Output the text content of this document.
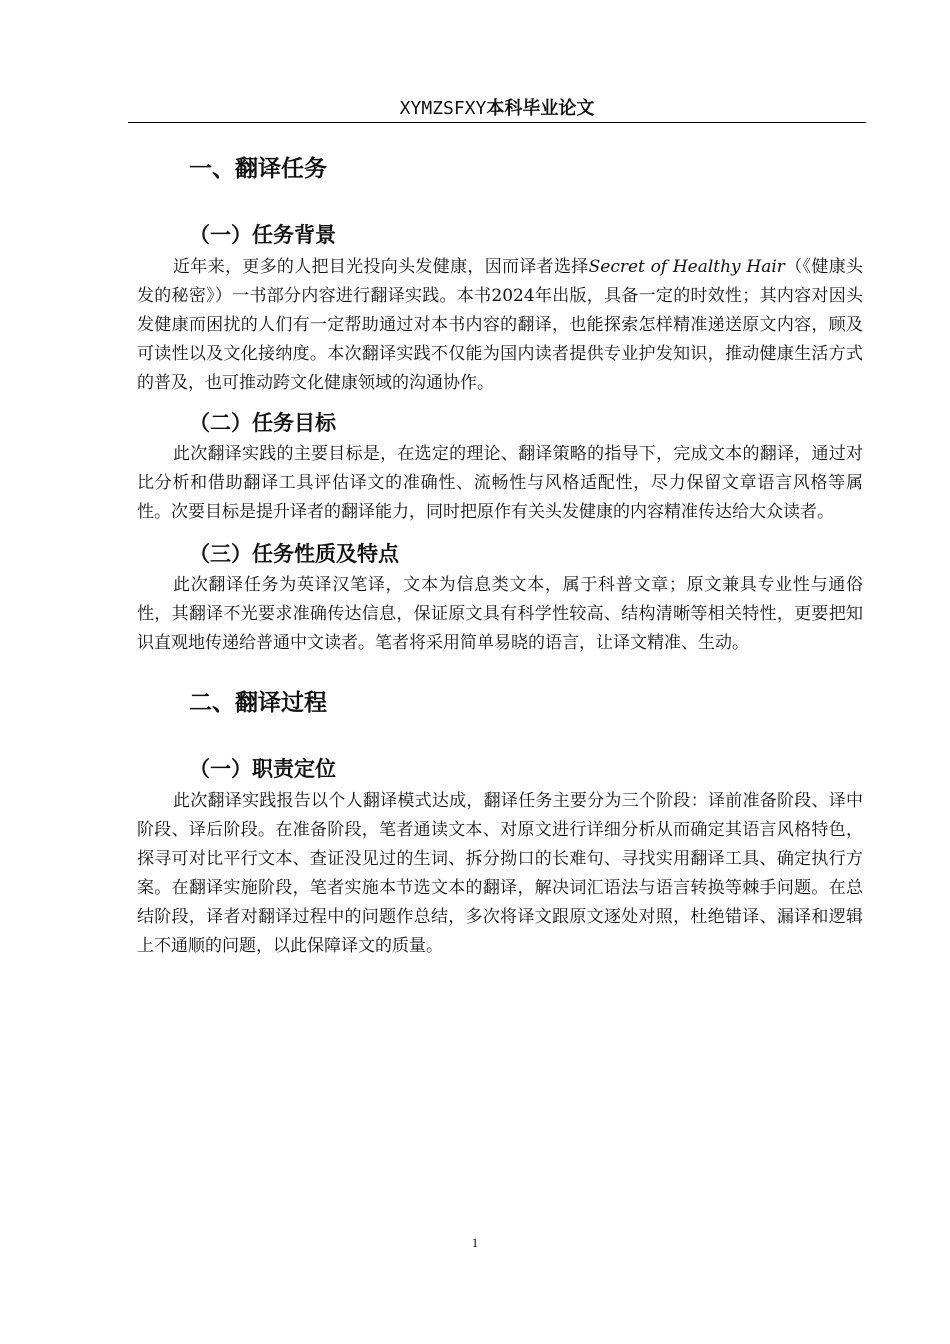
XYMZSFXY本科毕业论文
一、翻译任务
（一）任务背景

近年来，更多的人把目光投向头发健康，因而译者选择Secret of Healthy Hair（《健康头发的秘密》）一书部分内容进行翻译实践。本书2024年出版，具备一定的时效性；其内容对因头发健康而困扰的人们有一定帮助通过对本书内容的翻译，也能探索怎样精准递送原文内容，顾及可读性以及文化接纳度。本次翻译实践不仅能为国内读者提供专业护发知识，推动健康生活方式的普及，也可推动跨文化健康领域的沟通协作。

（二）任务目标

此次翻译实践的主要目标是，在选定的理论、翻译策略的指导下，完成文本的翻译，通过对比分析和借助翻译工具评估译文的准确性、流畅性与风格适配性，尽力保留文章语言风格等属性。次要目标是提升译者的翻译能力，同时把原作有关头发健康的内容精准传达给大众读者。

（三）任务性质及特点

此次翻译任务为英译汉笔译，文本为信息类文本，属于科普文章；原文兼具专业性与通俗性，其翻译不光要求准确传达信息，保证原文具有科学性较高、结构清晰等相关特性，更要把知识直观地传递给普通中文读者。笔者将采用简单易晓的语言，让译文精准、生动。

二、翻译过程
（一）职责定位

此次翻译实践报告以个人翻译模式达成，翻译任务主要分为三个阶段：译前准备阶段、译中阶段、译后阶段。在准备阶段，笔者通读文本、对原文进行详细分析从而确定其语言风格特色，探寻可对比平行文本、查证没见过的生词、拆分拗口的长难句、寻找实用翻译工具、确定执行方案。在翻译实施阶段，笔者实施本节选文本的翻译，解决词汇语法与语言转换等棘手问题。在总结阶段，译者对翻译过程中的问题作总结，多次将译文跟原文逐处对照，杜绝错译、漏译和逻辑上不通顺的问题，以此保障译文的质量。

1
